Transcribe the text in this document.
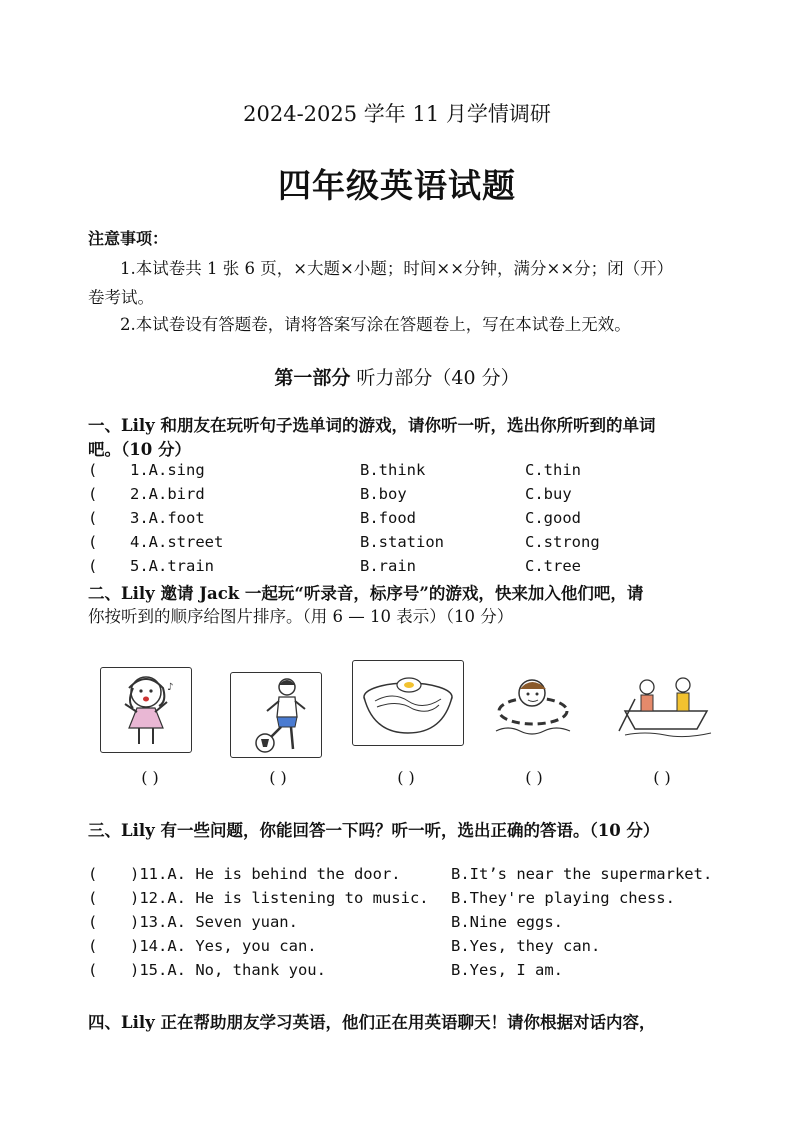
2024-2025 学年 11 月学情调研
四年级英语试题
注意事项：
1.本试卷共 1 张 6 页，×大题×小题；时间××分钟，满分××分；闭（开）
卷考试。
2.本试卷设有答题卷，请将答案写涂在答题卷上，写在本试卷上无效。
第一部分 听力部分（40 分）
一、Lily 和朋友在玩听句子选单词的游戏，请你听一听，选出你所听到的单词
吧。（10 分）
( 1.A.sing	B.think	C.thin
( 2.A.bird	B.boy	C.buy
( 3.A.foot	B.food	C.good
( 4.A.street	B.station	C.strong
( 5.A.train	B.rain	C.tree
二、Lily 邀请 Jack 一起玩“听录音，标序号”的游戏，快来加入他们吧，请
你按听到的顺序给图片排序。（用 6 — 10 表示）（10 分）
♪
( )	( )	( )	( )	( )
三、Lily 有一些问题，你能回答一下吗？听一听，选出正确的答语。（10 分）
( )11.A. He is behind the door.	B.It’s near the supermarket.
( )12.A. He is listening to music. B.They're playing chess.
( )13.A. Seven yuan.	B.Nine eggs.
( )14.A. Yes, you can.	B.Yes, they can.
( )15.A. No, thank you.	B.Yes, I am.
四、Lily 正在帮助朋友学习英语，他们正在用英语聊天！请你根据对话内容，
